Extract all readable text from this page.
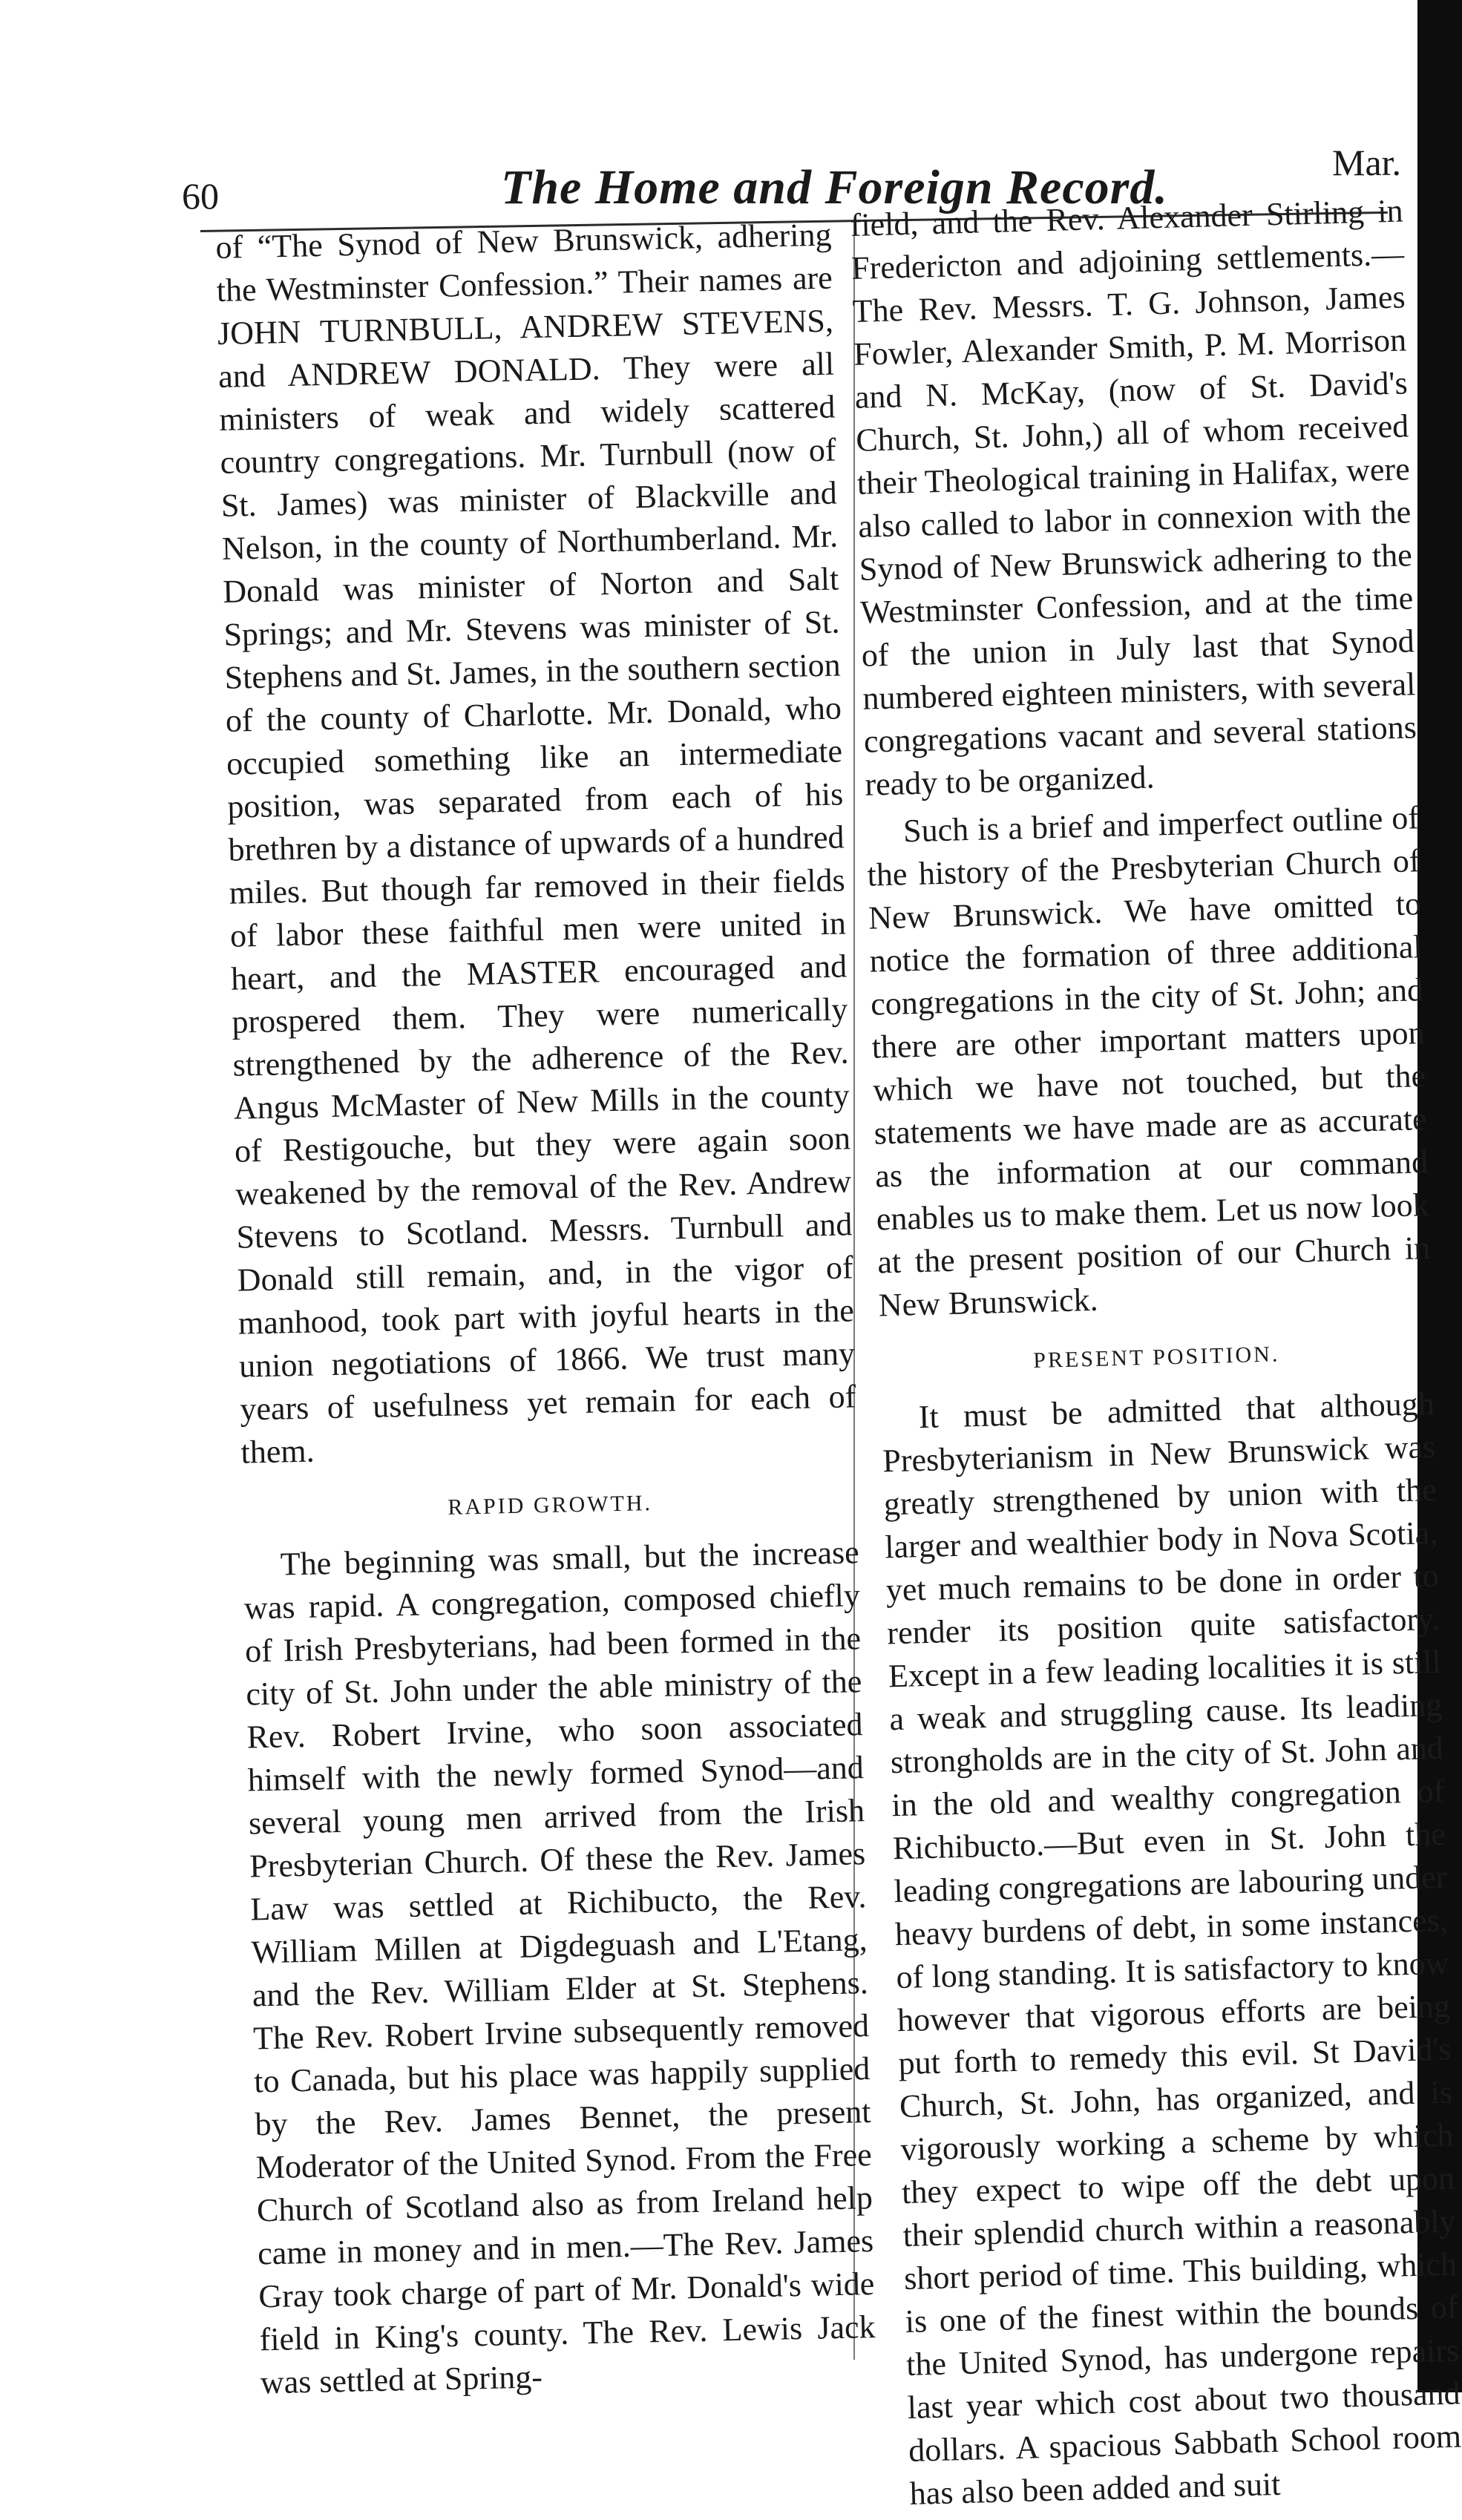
60	The Home and Foreign Record.	Mar.

of “The Synod of New Brunswick, adhering the Westminster Confession.” Their names are JOHN TURNBULL, ANDREW STEVENS, and ANDREW DONALD. They were all ministers of weak and widely scattered country congregations. Mr. Turnbull (now of St. James) was minister of Blackville and Nelson, in the county of Northumberland. Mr. Donald was minister of Norton and Salt Springs; and Mr. Stevens was minister of St. Stephens and St. James, in the southern section of the county of Charlotte. Mr. Donald, who occupied something like an intermediate position, was separated from each of his brethren by a distance of upwards of a hundred miles. But though far removed in their fields of labor these faithful men were united in heart, and the MASTER encouraged and prospered them. They were numerically strengthened by the adherence of the Rev. Angus McMaster of New Mills in the county of Restigouche, but they were again soon weakened by the removal of the Rev. Andrew Stevens to Scotland. Messrs. Turnbull and Donald still remain, and, in the vigor of manhood, took part with joyful hearts in the union negotiations of 1866. We trust many years of usefulness yet remain for each of them.

RAPID GROWTH.

The beginning was small, but the increase was rapid. A congregation, composed chiefly of Irish Presbyterians, had been formed in the city of St. John under the able ministry of the Rev. Robert Irvine, who soon associated himself with the newly formed Synod—and several young men arrived from the Irish Presbyterian Church. Of these the Rev. James Law was settled at Richibucto, the Rev. William Millen at Digdeguash and L'Etang, and the Rev. William Elder at St. Stephens. The Rev. Robert Irvine subsequently removed to Canada, but his place was happily supplied by the Rev. James Bennet, the present Moderator of the United Synod. From the Free Church of Scotland also as from Ireland help came in money and in men.—The Rev. James Gray took charge of part of Mr. Donald's wide field in King's county. The Rev. Lewis Jack was settled at Spring-

field, and the Rev. Alexander Stirling in Fredericton and adjoining settlements.—The Rev. Messrs. T. G. Johnson, James Fowler, Alexander Smith, P. M. Morrison and N. McKay, (now of St. David's Church, St. John,) all of whom received their Theological training in Halifax, were also called to labor in connexion with the Synod of New Brunswick adhering to the Westminster Confession, and at the time of the union in July last that Synod numbered eighteen ministers, with several congregations vacant and several stations ready to be organized.

Such is a brief and imperfect outline of the history of the Presbyterian Church of New Brunswick. We have omitted to notice the formation of three additional congregations in the city of St. John; and there are other important matters upon which we have not touched, but the statements we have made are as accurate as the information at our command enables us to make them. Let us now look at the present position of our Church in New Brunswick.

PRESENT POSITION.

It must be admitted that although Presbyterianism in New Brunswick was greatly strengthened by union with the larger and wealthier body in Nova Scotia, yet much remains to be done in order to render its position quite satisfactory. Except in a few leading localities it is still a weak and struggling cause. Its leading strongholds are in the city of St. John and in the old and wealthy congregation of Richibucto.—But even in St. John the leading congregations are labouring under heavy burdens of debt, in some instances, of long standing. It is satisfactory to know however that vigorous efforts are being put forth to remedy this evil. St David's Church, St. John, has organized, and is vigorously working a scheme by which they expect to wipe off the debt upon their splendid church within a reasonably short period of time. This building, which is one of the finest within the bounds of the United Synod, has undergone repairs last year which cost about two thousand dollars. A spacious Sabbath School room has also been added and suit
